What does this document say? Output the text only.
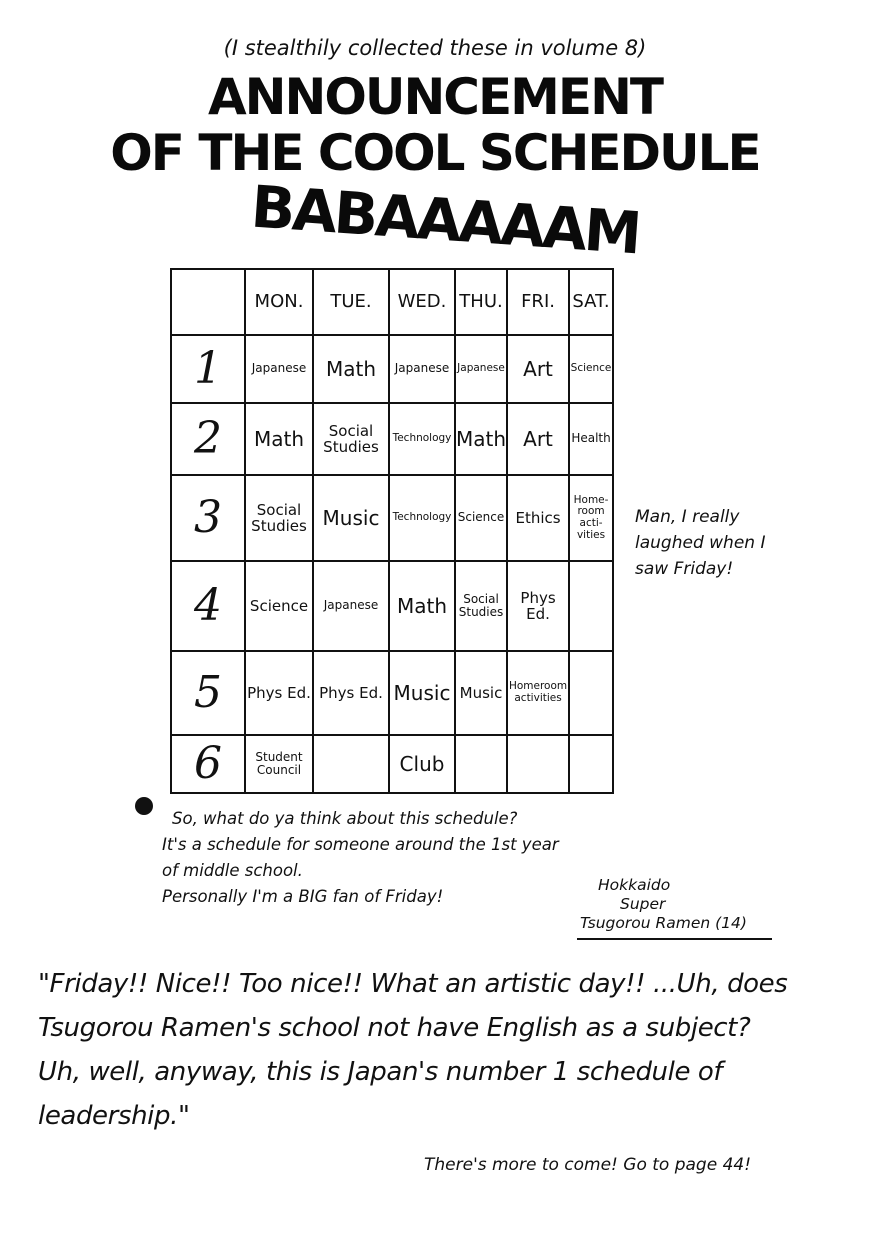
(I stealthily collected these in volume 8)
ANNOUNCEMENT
OF THE COOL SCHEDULE
BABAAAAAM
	MON.	TUE.	WED.	THU.	FRI.	SAT.
1	Japanese	Math	Japanese	Japanese	Art	Science
2	Math	Social Studies	Technology	Math	Art	Health
3	Social Studies	Music	Technology	Science	Ethics	Home-room acti-vities
4	Science	Japanese	Math	Social Studies	Phys Ed.	
5	Phys Ed.	Phys Ed.	Music	Music	Homeroom activities	
6	Student Council		Club			
Man, I really laughed when I saw Friday!
So, what do ya think about this schedule?
It's a schedule for someone around the 1st year
of middle school.
Personally I'm a BIG fan of Friday!
Hokkaido
Super
Tsugorou Ramen (14)
"Friday!! Nice!! Too nice!! What an artistic day!! ...Uh, does
Tsugorou Ramen's school not have English as a subject?
Uh, well, anyway, this is Japan's number 1 schedule of leadership."
There's more to come! Go to page 44!
